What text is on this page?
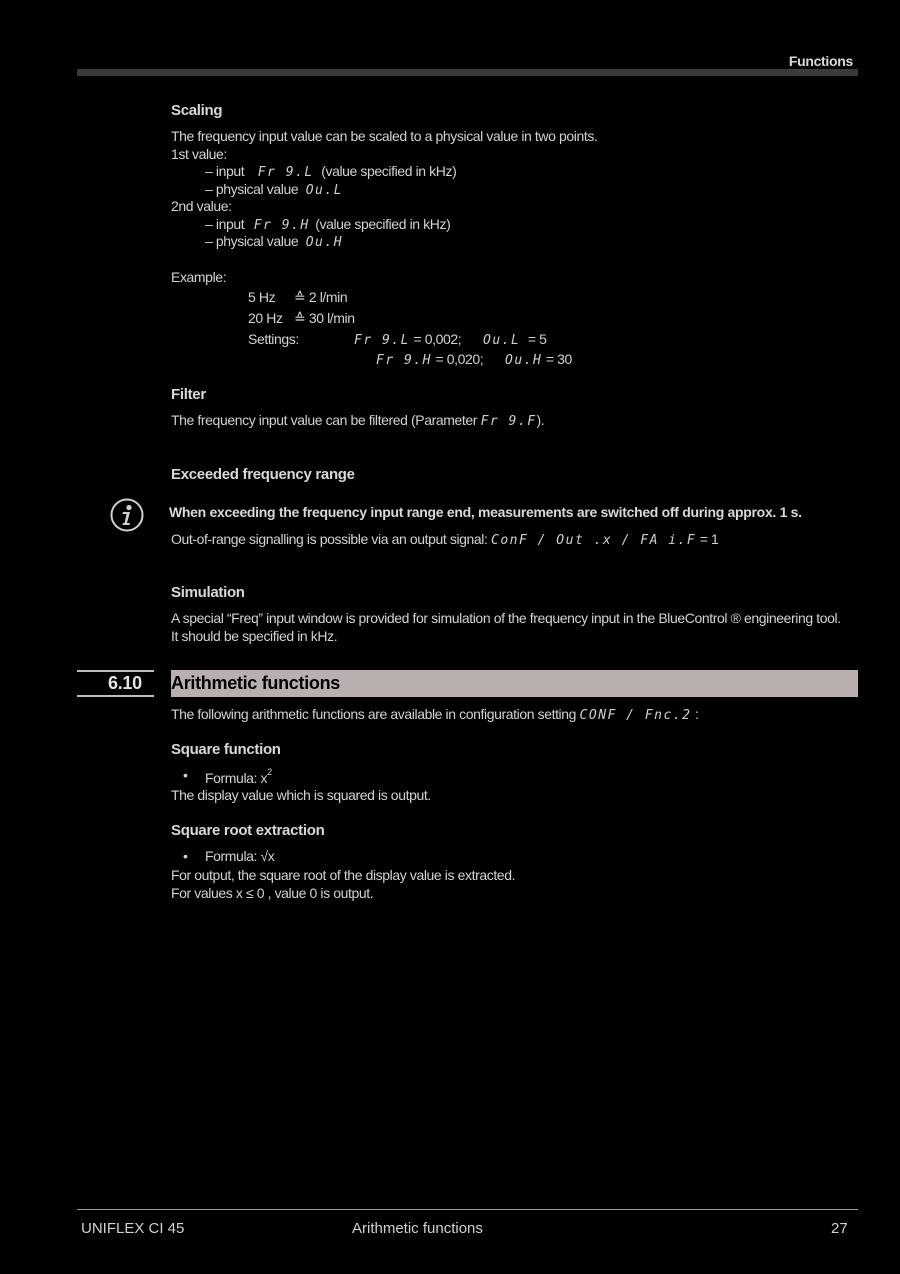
Functions
Scaling
The frequency input value can be scaled to a physical value in two points.
1st value:
– input Fr 9.L (value specified in kHz)
– physical value Ou.L
2nd value:
– input Fr 9.H (value specified in kHz)
– physical value Ou.H
Example:
5 Hz ≙ 2 l/min
20 Hz ≙ 30 l/min
Settings:	Fr 9.L = 0,002; Ou.L = 5
Fr 9.H = 0,020; Ou.H = 30
Filter
The frequency input value can be filtered (Parameter Fr 9.F).
Exceeded frequency range
When exceeding the frequency input range end, measurements are switched off during approx. 1 s.
Out-of-range signalling is possible via an output signal: ConF / Out .x / FA i.F = 1
Simulation
A special “Freq” input window is provided for simulation of the frequency input in the BlueControl ® engineering tool.
It should be specified in kHz.
6.10 Arithmetic functions
The following arithmetic functions are available in configuration setting CONF / Fnc.2 :
Square function
• Formula: $x^2$
The display value which is squared is output.
Square root extraction
• Formula: √x
For output, the square root of the display value is extracted.
For values x ≤ 0 , value 0 is output.
UNIFLEX CI 45	Arithmetic functions	27
